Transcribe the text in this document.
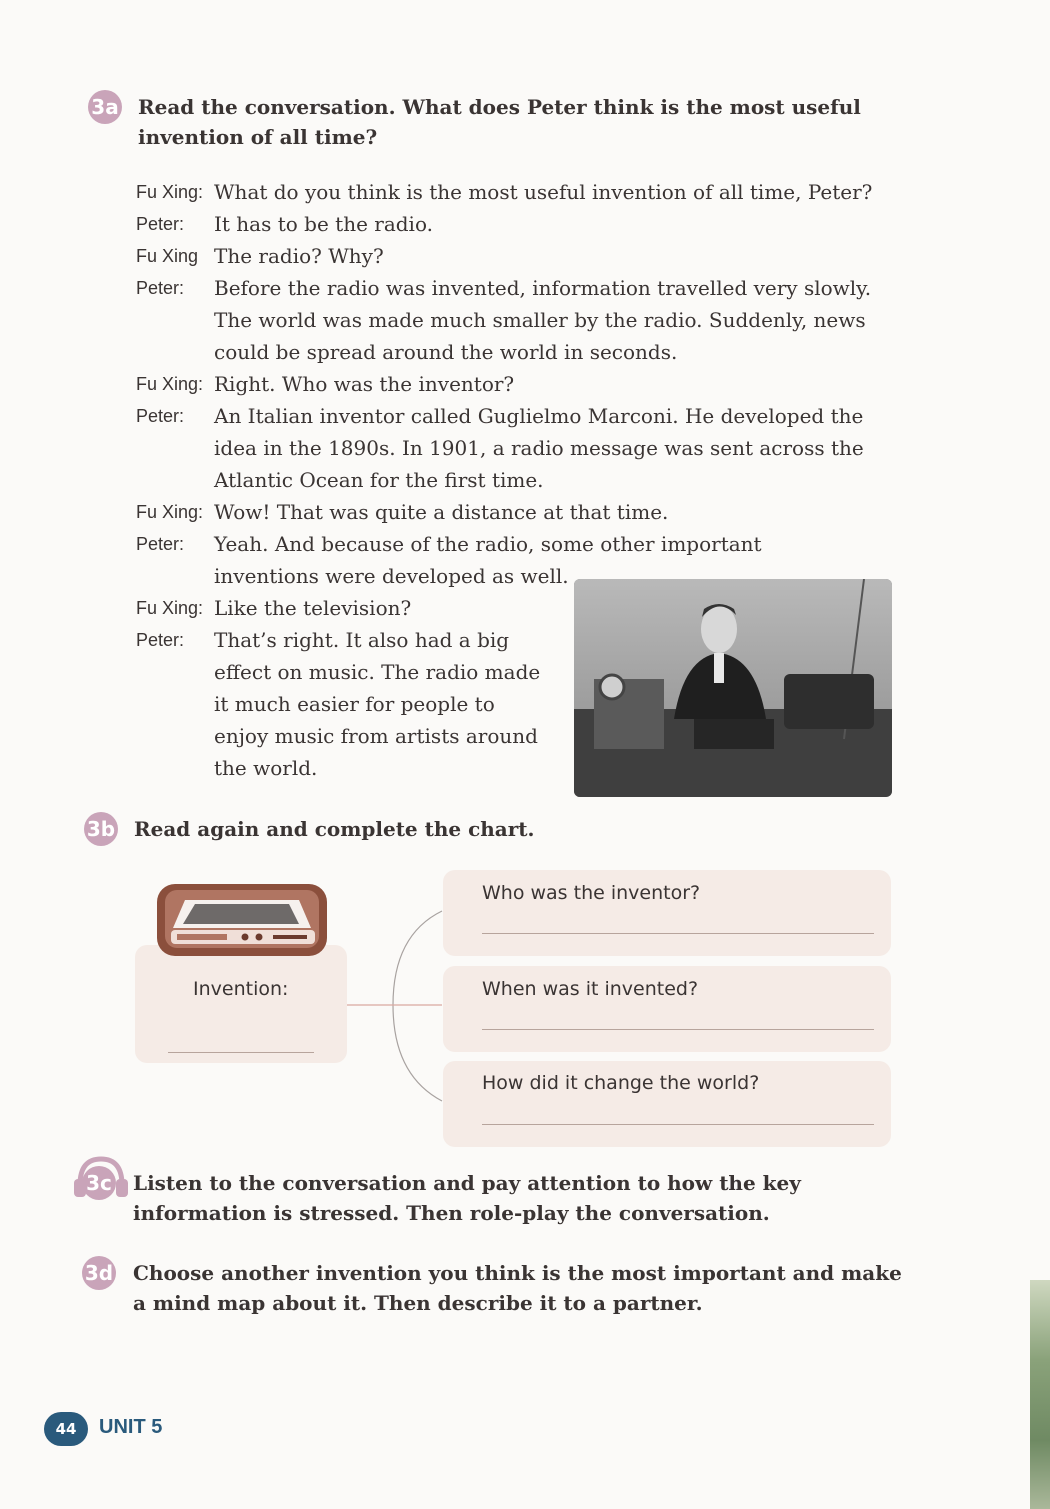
3a Read the conversation. What does Peter think is the most useful invention of all time?
Fu Xing: What do you think is the most useful invention of all time, Peter?
Peter: It has to be the radio.
Fu Xing The radio? Why?
Peter: Before the radio was invented, information travelled very slowly. The world was made much smaller by the radio. Suddenly, news could be spread around the world in seconds.
Fu Xing: Right. Who was the inventor?
Peter: An Italian inventor called Guglielmo Marconi. He developed the idea in the 1890s. In 1901, a radio message was sent across the Atlantic Ocean for the first time.
Fu Xing: Wow! That was quite a distance at that time.
Peter: Yeah. And because of the radio, some other important inventions were developed as well.
Fu Xing: Like the television?
Peter: That’s right. It also had a big effect on music. The radio made it much easier for people to enjoy music from artists around the world.
3b Read again and complete the chart.
Invention:
Who was the inventor?
When was it invented?
How did it change the world?
3c Listen to the conversation and pay attention to how the key information is stressed. Then role-play the conversation.
3d Choose another invention you think is the most important and make a mind map about it. Then describe it to a partner.
44	UNIT 5
